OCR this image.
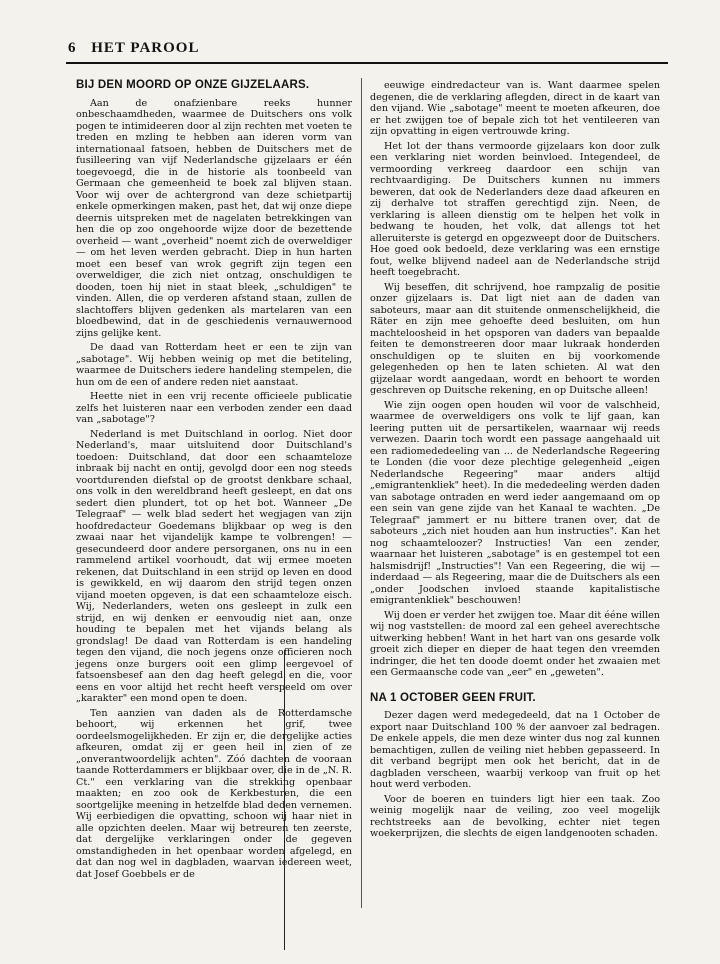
6 HET PAROOL
BIJ DEN MOORD OP ONZE GIJZELAARS.

Aan de onafzienbare reeks hunner onbeschaamdheden, waarmee de Duitschers ons volk pogen te intimideeren door al zijn rechten met voeten te treden en mzling te hebben aan ideren vorm van internationaal fatsoen, hebben de Duitschers met de fusilleering van vijf Nederlandsche gijzelaars er één toegevoegd, die in de historie als toonbeeld van Germaan che gemeenheid te boek zal blijven staan. Voor wij over de achtergrond van deze schietpartij enkele opmerkingen maken, past het, dat wij onze diepe deernis uitspreken met de nagelaten betrekkingen van hen die op zoo ongehoorde wijze door de bezettende overheid — want „overheid" noemt zich de overweldiger — om het leven werden gebracht. Diep in hun harten moet een besef van wrok gegrift zijn tegen een overweldiger, die zich niet ontzag, onschuldigen te dooden, toen hij niet in staat bleek, „schuldigen" te vinden. Allen, die op verderen afstand staan, zullen de slachtoffers blijven gedenken als martelaren van een bloedbewind, dat in de geschiedenis vernauwernood zijns gelijke kent.

De daad van Rotterdam heet er een te zijn van „sabotage". Wij hebben weinig op met die betiteling, waarmee de Duitschers iedere handeling stempelen, die hun om de een of andere reden niet aanstaat.

Heette niet in een vrij recente officieele publicatie zelfs het luisteren naar een verboden zender een daad van „sabotage"?

Nederland is met Duitschland in oorlog. Niet door Nederland's, maar uitsluitend door Duitschland's toedoen: Duitschland, dat door een schaamteloze inbraak bij nacht en ontij, gevolgd door een nog steeds voortdurenden diefstal op de grootst denkbare schaal, ons volk in den wereldbrand heeft gesleept, en dat ons sedert dien plundert, tot op het bot. Wanneer „De Telegraaf" — welk blad sedert het wegjagen van zijn hoofdredacteur Goedemans blijkbaar op weg is den zwaai naar het vijandelijk kampe te volbrengen! — gesecundeerd door andere persorganen, ons nu in een rammelend artikel voorhoudt, dat wij ermee moeten rekenen, dat Duitschland in een strijd op leven en dood is gewikkeld, en wij daarom den strijd tegen onzen vijand moeten opgeven, is dat een schaamteloze eisch. Wij, Nederlanders, weten ons gesleept in zulk een strijd, en wij denken er eenvoudig niet aan, onze houding te bepalen met het vijands belang als grondslag! De daad van Rotterdam is een handeling tegen den vijand, die noch jegens onze officieren noch jegens onze burgers ooit een glimp eergevoel of fatsoensbesef aan den dag heeft gelegd en die, voor eens en voor altijd het recht heeft verspeeld om over „karakter" een mond open te doen.

Ten aanzien van daden als de Rotterdamsche behoort, wij erkennen het grif, twee oordeelsmogelijkheden. Er zijn er, die dergelijke acties afkeuren, omdat zij er geen heil in zien of ze „onverantwoordelijk achten". Zóó dachten de vooraan taande Rotterdammers er blijkbaar over, die in de „N. R. Ct." een verklaring van die strekking openbaar maakten; en zoo ook de Kerkbesturen, die een soortgelijke meening in hetzelfde blad deden vernemen. Wij eerbiedigen die opvatting, schoon wij haar niet in alle opzichten deelen. Maar wij betreuren ten zeerste, dat dergelijke verklaringen onder de gegeven omstandigheden in het openbaar worden afgelegd, en dat dan nog wel in dagbladen, waarvan iedereen weet, dat Josef Goebbels er de

eeuwige eindredacteur van is. Want daarmee spelen degenen, die de verklaring aflegden, direct in de kaart van den vijand. Wie „sabotage" meent te moeten afkeuren, doe er het zwijgen toe of bepale zich tot het ventileeren van zijn opvatting in eigen vertrouwde kring.

Het lot der thans vermoorde gijzelaars kon door zulk een verklaring niet worden beinvloed. Integendeel, de vermoording verkreeg daardoor een schijn van rechtvaardiging. De Duitschers kunnen nu immers beweren, dat ook de Nederlanders deze daad afkeuren en zij derhalve tot straffen gerechtigd zijn. Neen, de verklaring is alleen dienstig om te helpen het volk in bedwang te houden, het volk, dat allengs tot het alleruiterste is getergd en opgezweept door de Duitschers. Hoe goed ook bedoeld, deze verklaring was een ernstige fout, welke blijvend nadeel aan de Nederlandsche strijd heeft toegebracht.

Wij beseffen, dit schrijvend, hoe rampzalig de positie onzer gijzelaars is. Dat ligt niet aan de daden van saboteurs, maar aan dit stuitende onmenschelijkheid, die Räter en zijn mee gehoefte deed besluiten, om hun machteloosheid in het opsporen van daders van bepaalde feiten te demonstreeren door maar lukraak honderden onschuldigen op te sluiten en bij voorkomende gelegenheden op hen te laten schieten. Al wat den gijzelaar wordt aangedaan, wordt en behoort te worden geschreven op Duitsche rekening, en op Duitsche alleen!

Wie zijn oogen open houden wil voor de valschheid, waarmee de overweldigers ons volk te lijf gaan, kan leering putten uit de persartikelen, waarnaar wij reeds verwezen. Daarin toch wordt een passage aangehaald uit een radiomededeeling van ... de Nederlandsche Regeering te Londen (die voor deze plechtige gelegenheid „eigen Nederlandsche Regeering" maar anders altijd „emigrantenkliek" heet). In die mededeeling werden daden van sabotage ontraden en werd ieder aangemaand om op een sein van gene zijde van het Kanaal te wachten. „De Telegraaf" jammert er nu bittere tranen over, dat de saboteurs „zich niet houden aan hun instructies". Kan het nog schaamteloozer? Instructies! Van een zender, waarnaar het luisteren „sabotage" is en gestempel tot een halsmisdrijf! „Instructies"! Van een Regeering, die wij — inderdaad — als Regeering, maar die de Duitschers als een „onder Joodschen invloed staande kapitalistische emigrantenkliek" beschouwen!

Wij doen er verder het zwijgen toe. Maar dit ééne willen wij nog vaststellen: de moord zal een geheel averechtsche uitwerking hebben! Want in het hart van ons gesarde volk groeit zich dieper en dieper de haat tegen den vreemden indringer, die het ten doode doemt onder het zwaaien met een Germaansche code van „eer" en „geweten".

NA 1 OCTOBER GEEN FRUIT.

Dezer dagen werd medegedeeld, dat na 1 October de export naar Duitschland 100 % der aanvoer zal bedragen. De enkele appels, die men deze winter dus nog zal kunnen bemachtigen, zullen de veiling niet hebben gepasseerd. In dit verband begrijpt men ook het bericht, dat in de dagbladen verscheen, waarbij verkoop van fruit op het hout werd verboden.

Voor de boeren en tuinders ligt hier een taak. Zoo weinig mogelijk naar de veiling, zoo veel mogelijk rechtstreeks aan de bevolking, echter niet tegen woekerprijzen, die slechts de eigen landgenooten schaden.
